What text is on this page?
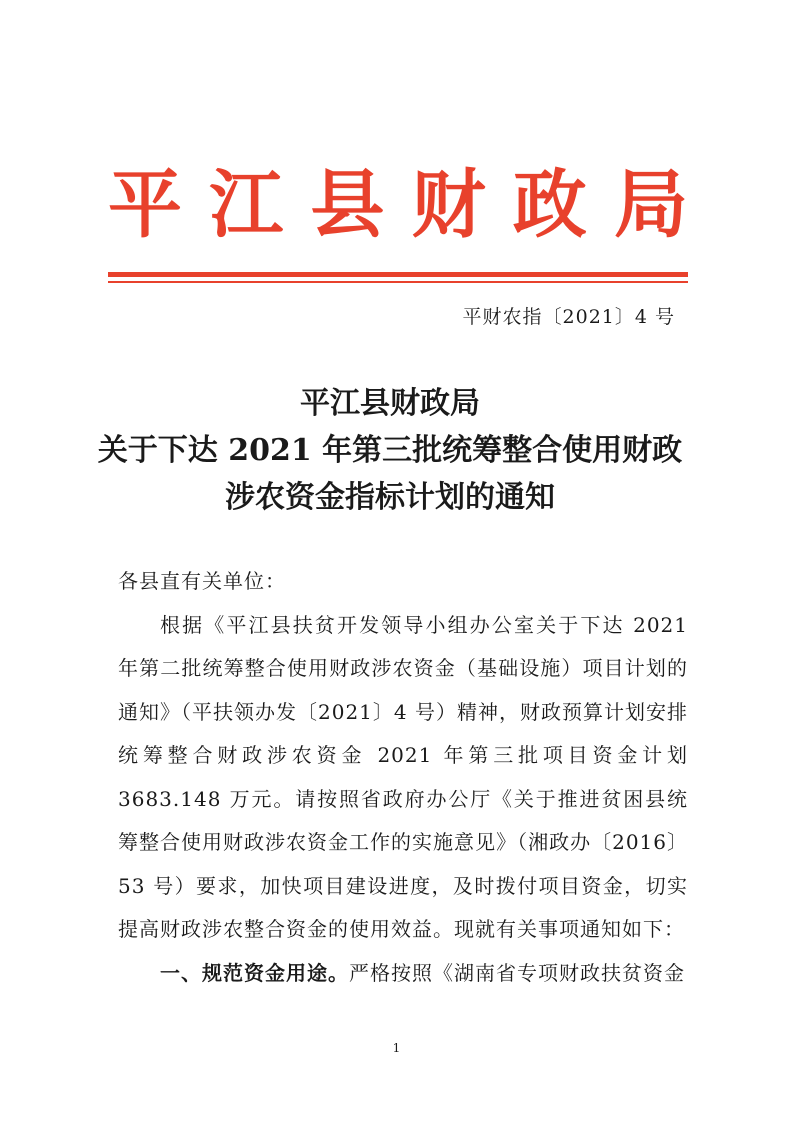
平 江 县 财 政 局
平财农指〔2021〕4 号
平江县财政局
关于下达 2021 年第三批统筹整合使用财政
涉农资金指标计划的通知

各县直有关单位：

根据《平江县扶贫开发领导小组办公室关于下达 2021 年第二批统筹整合使用财政涉农资金（基础设施）项目计划的通知》（平扶领办发〔2021〕4 号）精神，财政预算计划安排统筹整合财政涉农资金 2021 年第三批项目资金计划 3683.148 万元。请按照省政府办公厅《关于推进贫困县统筹整合使用财政涉农资金工作的实施意见》（湘政办〔2016〕53 号）要求，加快项目建设进度，及时拨付项目资金，切实提高财政涉农整合资金的使用效益。现就有关事项通知如下：

一、规范资金用途。严格按照《湖南省专项财政扶贫资金

1
